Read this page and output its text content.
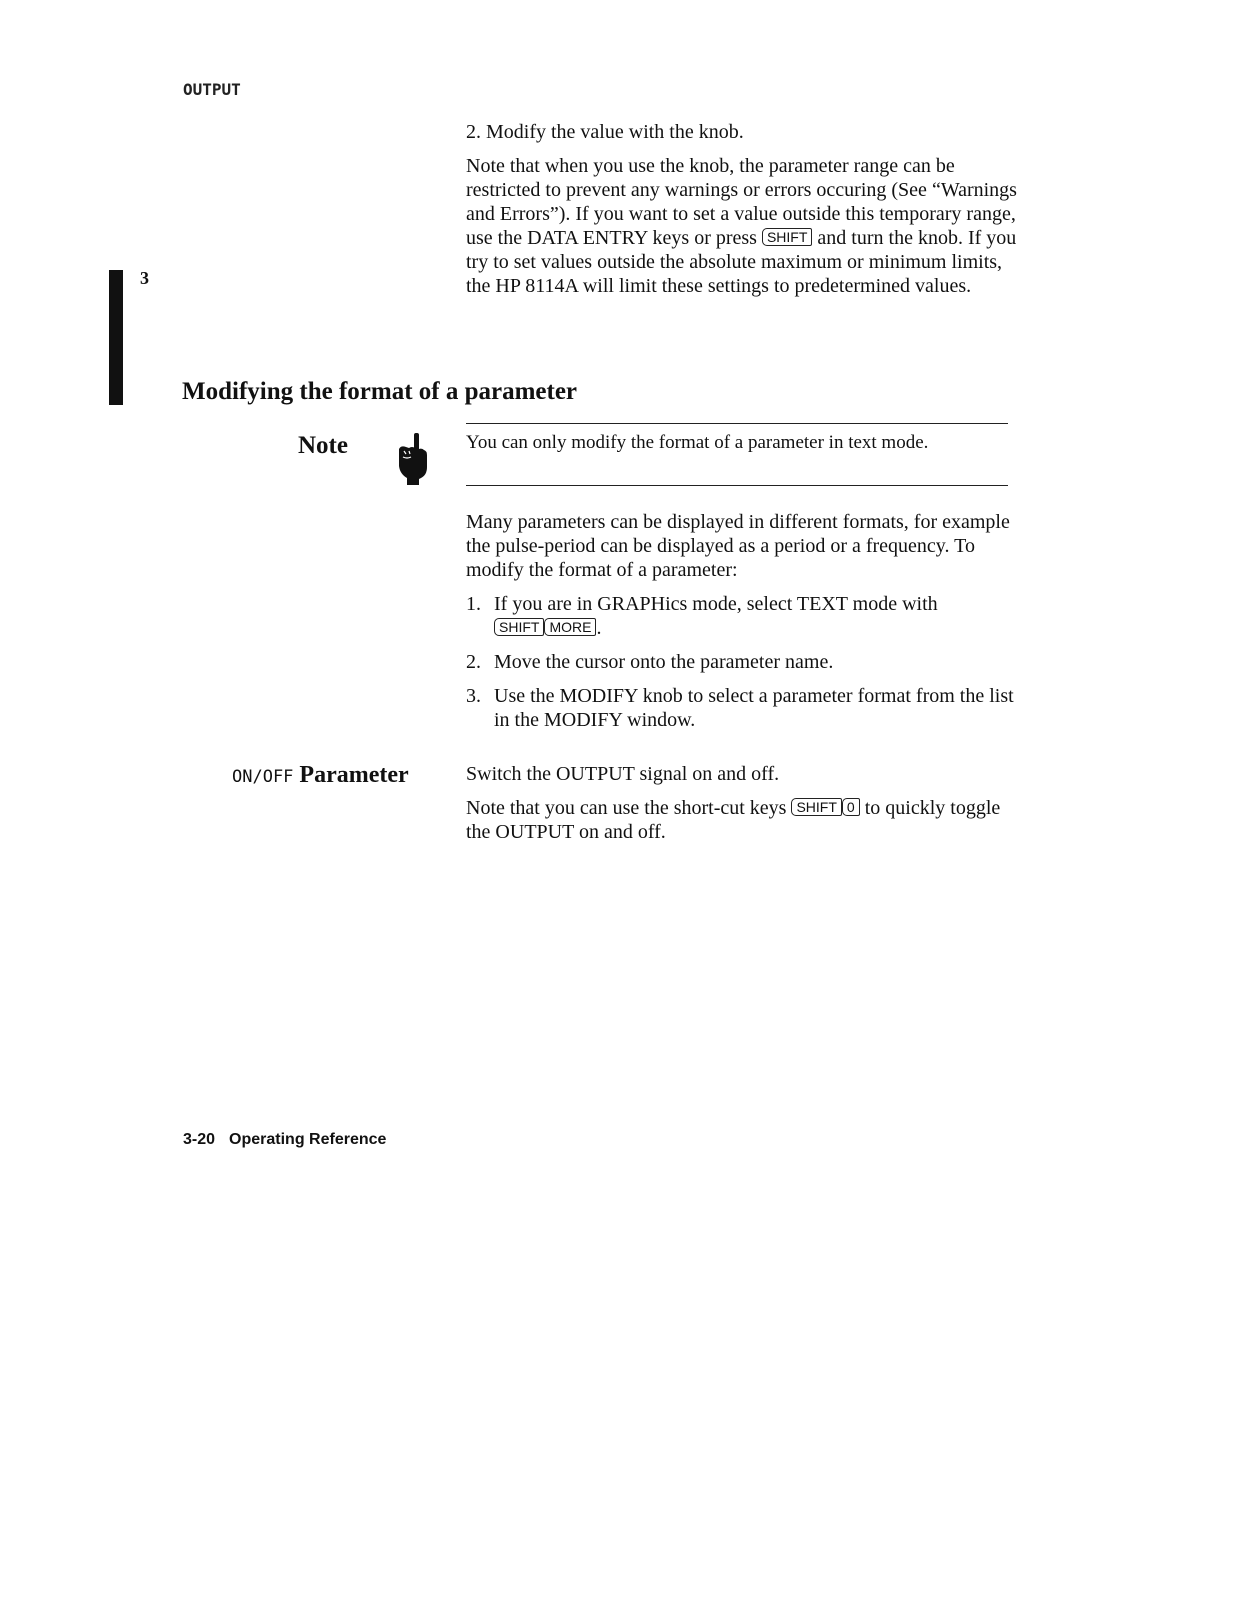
OUTPUT
3

2. Modify the value with the knob.

Note that when you use the knob, the parameter range can be restricted to prevent any warnings or errors occuring (See “Warnings and Errors”). If you want to set a value outside this temporary range, use the DATA ENTRY keys or press SHIFT and turn the knob. If you try to set values outside the absolute maximum or minimum limits, the HP 8114A will limit these settings to predetermined values.

Modifying the format of a parameter
Note	You can only modify the format of a parameter in text mode.

Many parameters can be displayed in different formats, for example the pulse-period can be displayed as a period or a frequency. To modify the format of a parameter:

1. If you are in GRAPHics mode, select TEXT mode with
SHIFT MORE .
2. Move the cursor onto the parameter name.
3. Use the MODIFY knob to select a parameter format from the list in the MODIFY window.
ON/OFF Parameter	Switch the OUTPUT signal on and off.

Note that you can use the short-cut keys SHIFT 0 to quickly toggle the OUTPUT on and off.

3-20 Operating Reference
